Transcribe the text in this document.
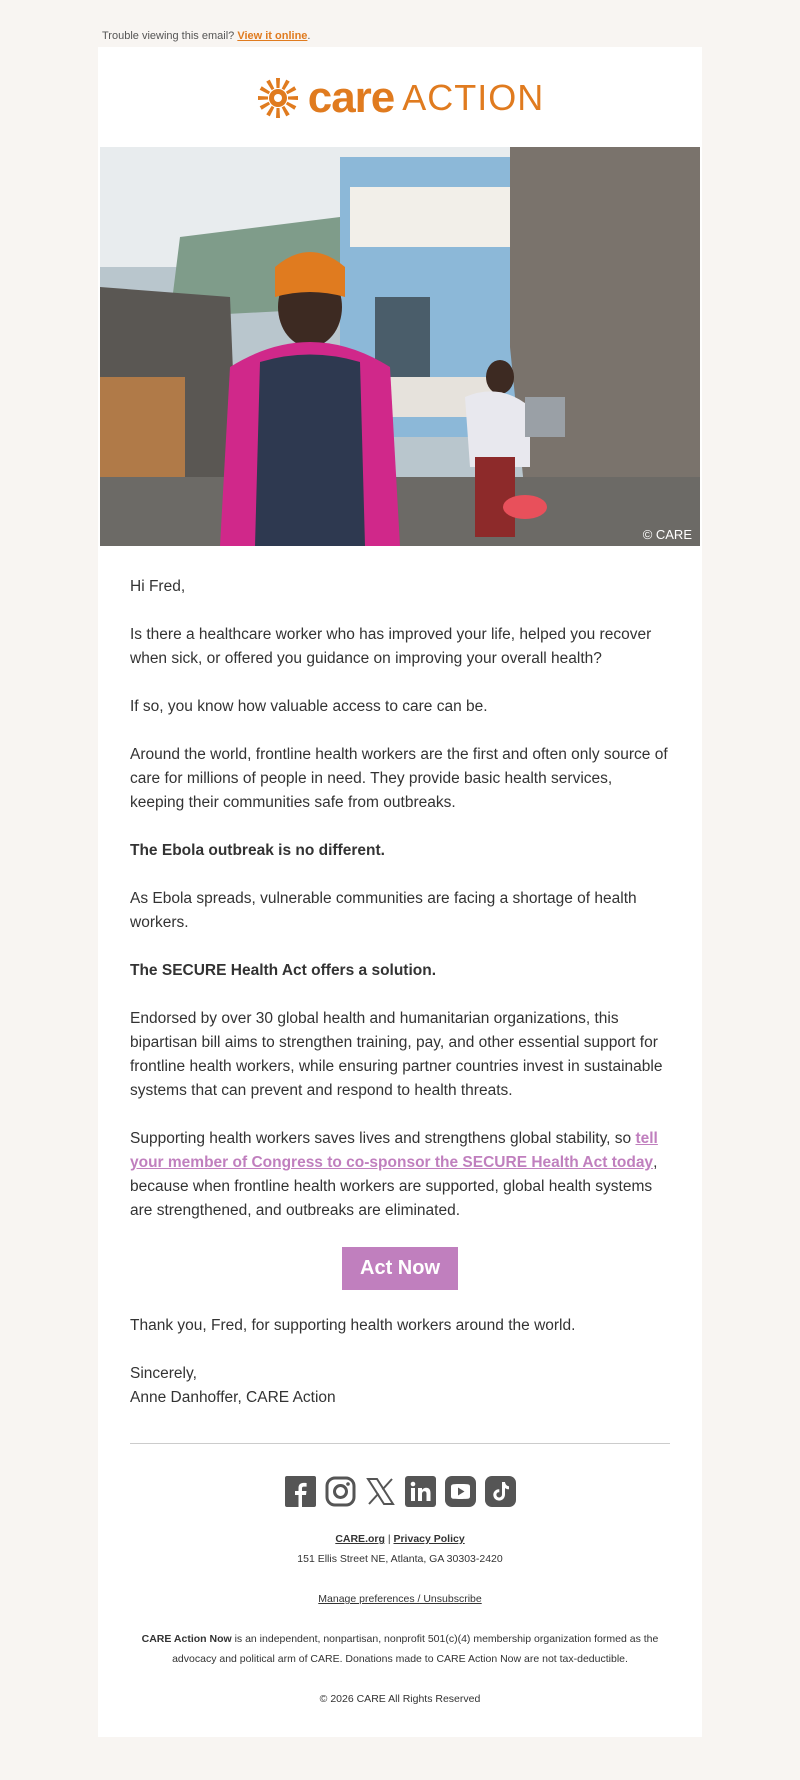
Trouble viewing this email? View it online.
care ACTION
© CARE

Hi Fred,

Is there a healthcare worker who has improved your life, helped you recover when sick, or offered you guidance on improving your overall health?

If so, you know how valuable access to care can be.

Around the world, frontline health workers are the first and often only source of care for millions of people in need. They provide basic health services, keeping their communities safe from outbreaks.

The Ebola outbreak is no different.

As Ebola spreads, vulnerable communities are facing a shortage of health workers.

The SECURE Health Act offers a solution.

Endorsed by over 30 global health and humanitarian organizations, this bipartisan bill aims to strengthen training, pay, and other essential support for frontline health workers, while ensuring partner countries invest in sustainable systems that can prevent and respond to health threats.

Supporting health workers saves lives and strengthens global stability, so tell your member of Congress to co-sponsor the SECURE Health Act today, because when frontline health workers are supported, global health systems are strengthened, and outbreaks are eliminated.

Act Now

Thank you, Fred, for supporting health workers around the world.

Sincerely,

Anne Danhoffer, CARE Action

CARE.org | Privacy Policy
151 Ellis Street NE, Atlanta, GA 30303-2420
Manage preferences / Unsubscribe
CARE Action Now is an independent, nonpartisan, nonprofit 501(c)(4) membership organization formed as the advocacy and political arm of CARE. Donations made to CARE Action Now are not tax-deductible.
© 2026 CARE All Rights Reserved
